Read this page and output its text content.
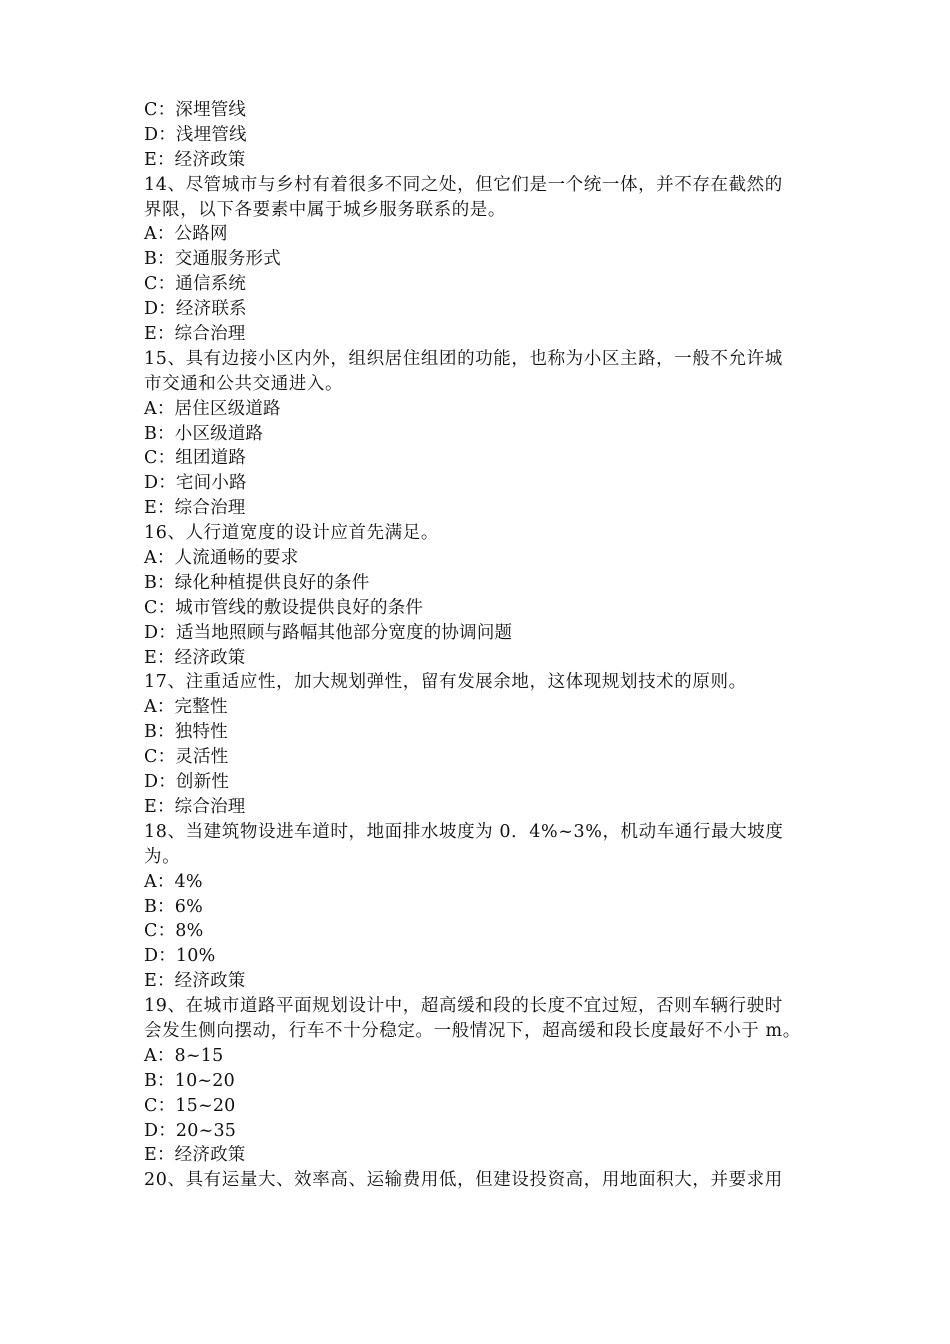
C：深埋管线
D：浅埋管线
E：经济政策
14、尽管城市与乡村有着很多不同之处，但它们是一个统一体，并不存在截然的
界限，以下各要素中属于城乡服务联系的是。
A：公路网
B：交通服务形式
C：通信系统
D：经济联系
E：综合治理
15、具有边接小区内外，组织居住组团的功能，也称为小区主路，一般不允许城
市交通和公共交通进入。
A：居住区级道路
B：小区级道路
C：组团道路
D：宅间小路
E：综合治理
16、人行道宽度的设计应首先满足。
A：人流通畅的要求
B：绿化种植提供良好的条件
C：城市管线的敷设提供良好的条件
D：适当地照顾与路幅其他部分宽度的协调问题
E：经济政策
17、注重适应性，加大规划弹性，留有发展余地，这体现规划技术的原则。
A：完整性
B：独特性
C：灵活性
D：创新性
E：综合治理
18、当建筑物设进车道时，地面排水坡度为 0．4%~3%，机动车通行最大坡度
为。
A：4%
B：6%
C：8%
D：10%
E：经济政策
19、在城市道路平面规划设计中，超高缓和段的长度不宜过短，否则车辆行驶时
会发生侧向摆动，行车不十分稳定。一般情况下，超高缓和段长度最好不小于 m。
A：8~15
B：10~20
C：15~20
D：20~35
E：经济政策
20、具有运量大、效率高、运输费用低，但建设投资高，用地面积大，并要求用
